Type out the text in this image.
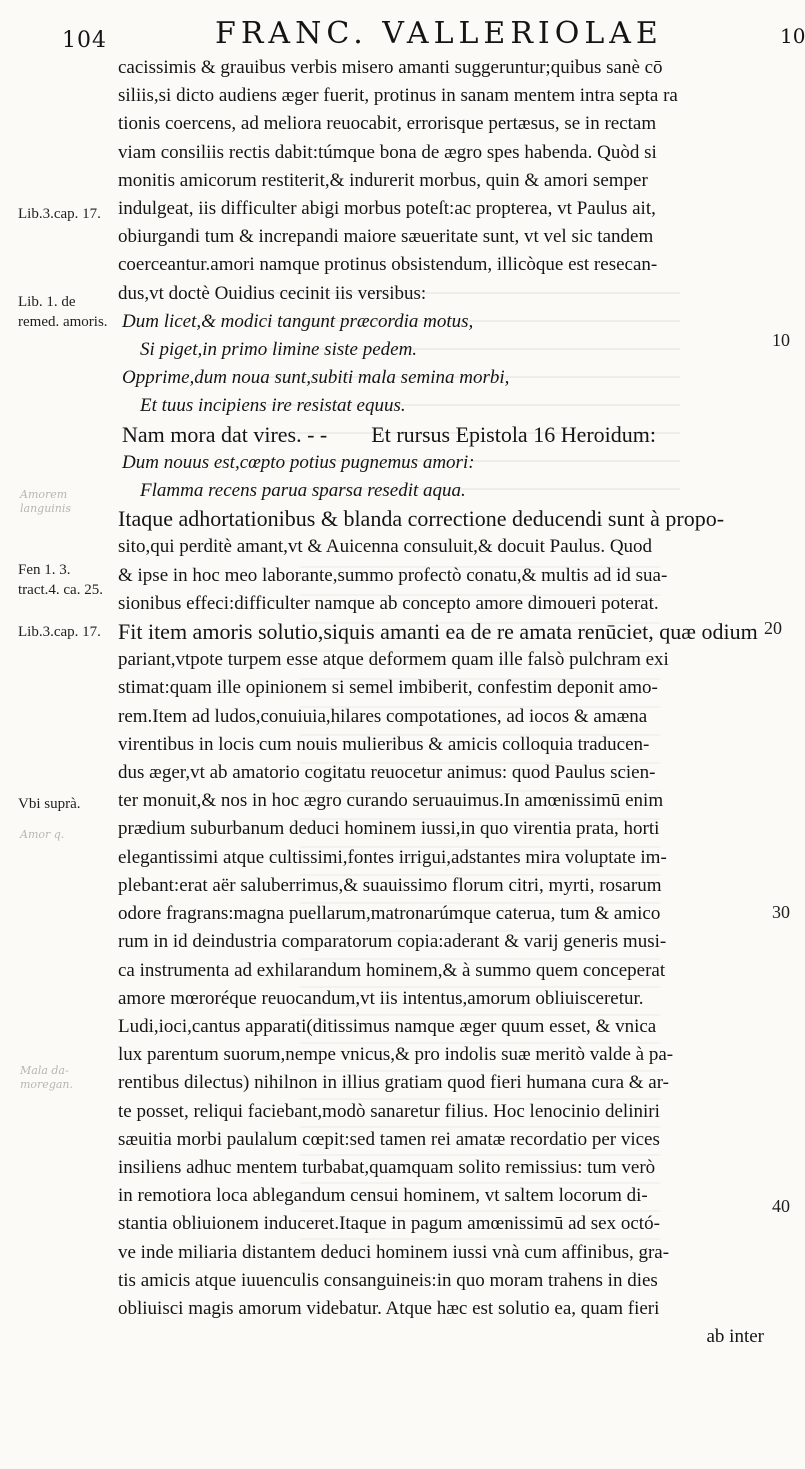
104	FRANC. VALLERIOLAE	10
cacissimis & grauibus verbis misero amanti suggeruntur;quibus sanè cō
siliis,si dicto audiens æger fuerit, protinus in sanam mentem intra septa ra
tionis coercens, ad meliora reuocabit, errorisque pertæsus, se in rectam
viam consiliis rectis dabit:túmque bona de ægro spes habenda. Quòd si
monitis amicorum restiterit,& indurerit morbus, quin & amori semper
indulgeat, iis difficulter abigi morbus poteſt:ac propterea, vt Paulus ait,
obiurgandi tum & increpandi maiore sæueritate sunt, vt vel sic tandem
coerceantur.amori namque protinus obsistendum, illicòque est resecan-
dus,vt doctè Ouidius cecinit iis versibus:
Dum licet,& modici tangunt præcordia motus,
Si piget,in primo limine siste pedem.
Opprime,dum noua sunt,subiti mala semina morbi,
Et tuus incipiens ire resistat equus.
Nam mora dat vires. - -        Et rursus Epistola 16 Heroidum:
Dum nouus est,cœpto potius pugnemus amori:
Flamma recens parua sparsa resedit aqua.
Itaque adhortationibus & blanda correctione deducendi sunt à propo-
sito,qui perditè amant,vt & Auicenna consuluit,& docuit Paulus. Quod
& ipse in hoc meo laborante,summo profectò conatu,& multis ad id sua-
sionibus effeci:difficulter namque ab concepto amore dimoueri poterat.
Fit item amoris solutio,siquis amanti ea de re amata renūciet, quæ odium
pariant,vtpote turpem esse atque deformem quam ille falsò pulchram exi
stimat:quam ille opinionem si semel imbiberit, confestim deponit amo-
rem.Item ad ludos,conuiuia,hilares compotationes, ad iocos & amæna
virentibus in locis cum nouis mulieribus & amicis colloquia traducen-
dus æger,vt ab amatorio cogitatu reuocetur animus: quod Paulus scien-
ter monuit,& nos in hoc ægro curando seruauimus.In amœnissimū enim
prædium suburbanum deduci hominem iussi,in quo virentia prata, horti
elegantissimi atque cultissimi,fontes irrigui,adstantes mira voluptate im-
plebant:erat aër saluberrimus,& suauissimo florum citri, myrti, rosarum
odore fragrans:magna puellarum,matronarúmque caterua, tum & amico
rum in id deindustria comparatorum copia:aderant & varij generis musi-
ca instrumenta ad exhilarandum hominem,& à summo quem conceperat
amore mœroréque reuocandum,vt iis intentus,amorum obliuisceretur.
Ludi,ioci,cantus apparati(ditissimus namque æger quum esset, & vnica
lux parentum suorum,nempe vnicus,& pro indolis suæ meritò valde à pa-
rentibus dilectus) nihilnon in illius gratiam quod fieri humana cura & ar-
te posset, reliqui faciebant,modò sanaretur filius. Hoc lenocinio deliniri
sæuitia morbi paulalum cœpit:sed tamen rei amatæ recordatio per vices
insiliens adhuc mentem turbabat,quamquam solito remissius: tum verò
in remotiora loca ablegandum censui hominem, vt saltem locorum di-
stantia obliuionem induceret.Itaque in pagum amœnissimū ad sex octó-
ve inde miliaria distantem deduci hominem iussi vnà cum affinibus, gra-
tis amicis atque iuuenculis consanguineis:in quo moram trahens in dies
obliuisci magis amorum videbatur. Atque hæc est solutio ea, quam fieri
ab inter
Lib.3.cap. 17.
Lib. 1. de remed. amoris.
Fen 1. 3. tract.4. ca. 25.
Lib.3.cap. 17.
Vbi suprà.
Amorem languinis
Amor q.
Mala da- moregan.
10
20
30
40
